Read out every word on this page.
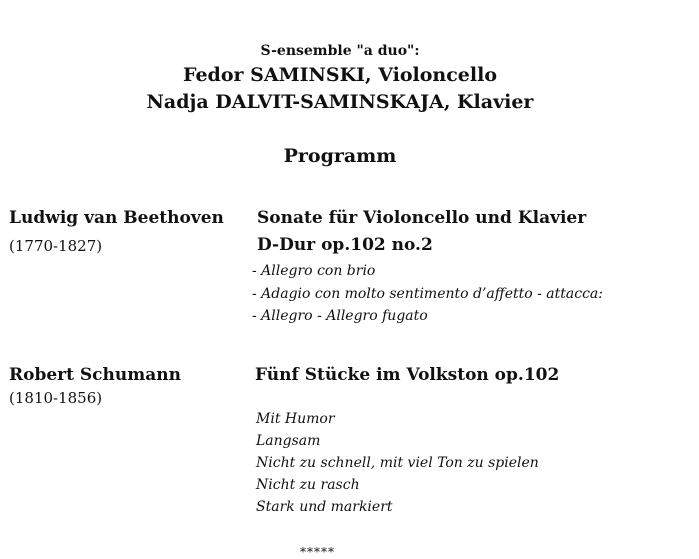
S-ensemble "a duo":
Fedor SAMINSKI, Violoncello
Nadja DALVIT-SAMINSKAJA, Klavier
Programm
Ludwig van Beethoven
(1770-1827)
Sonate für Violoncello und Klavier
D-Dur op.102 no.2
- Allegro con brio
- Adagio con molto sentimento d’affetto - attacca:
- Allegro - Allegro fugato
Robert Schumann
(1810-1856)
Fünf Stücke im Volkston op.102
Mit Humor
Langsam
Nicht zu schnell, mit viel Ton zu spielen
Nicht zu rasch
Stark und markiert
*****
